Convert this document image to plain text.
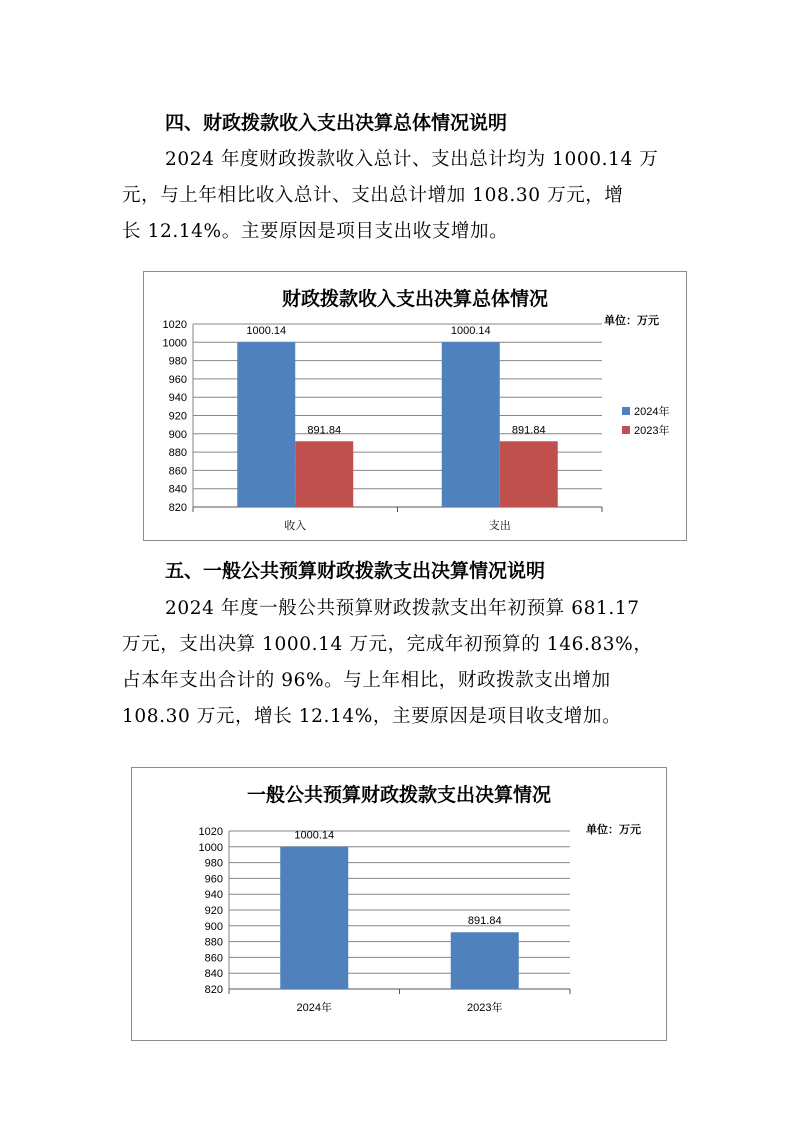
四、财政拨款收入支出决算总体情况说明
2024 年度财政拨款收入总计、支出总计均为 1000.14 万
元，与上年相比收入总计、支出总计增加 108.30 万元，增
长 12.14%。主要原因是项目支出收支增加。
财政拨款收入支出决算总体情况
单位：万元
820
840
860
880
900
920
940
960
980
1000
1020
1000.14
891.84
收入
1000.14
891.84
支出
2024年
2023年
五、一般公共预算财政拨款支出决算情况说明
2024 年度一般公共预算财政拨款支出年初预算 681.17
万元，支出决算 1000.14 万元，完成年初预算的 146.83%，
占本年支出合计的 96%。与上年相比，财政拨款支出增加
108.30 万元，增长 12.14%，主要原因是项目收支增加。
一般公共预算财政拨款支出决算情况
单位：万元
820
840
860
880
900
920
940
960
980
1000
1020	1000.14
2024年
891.84
2023年
